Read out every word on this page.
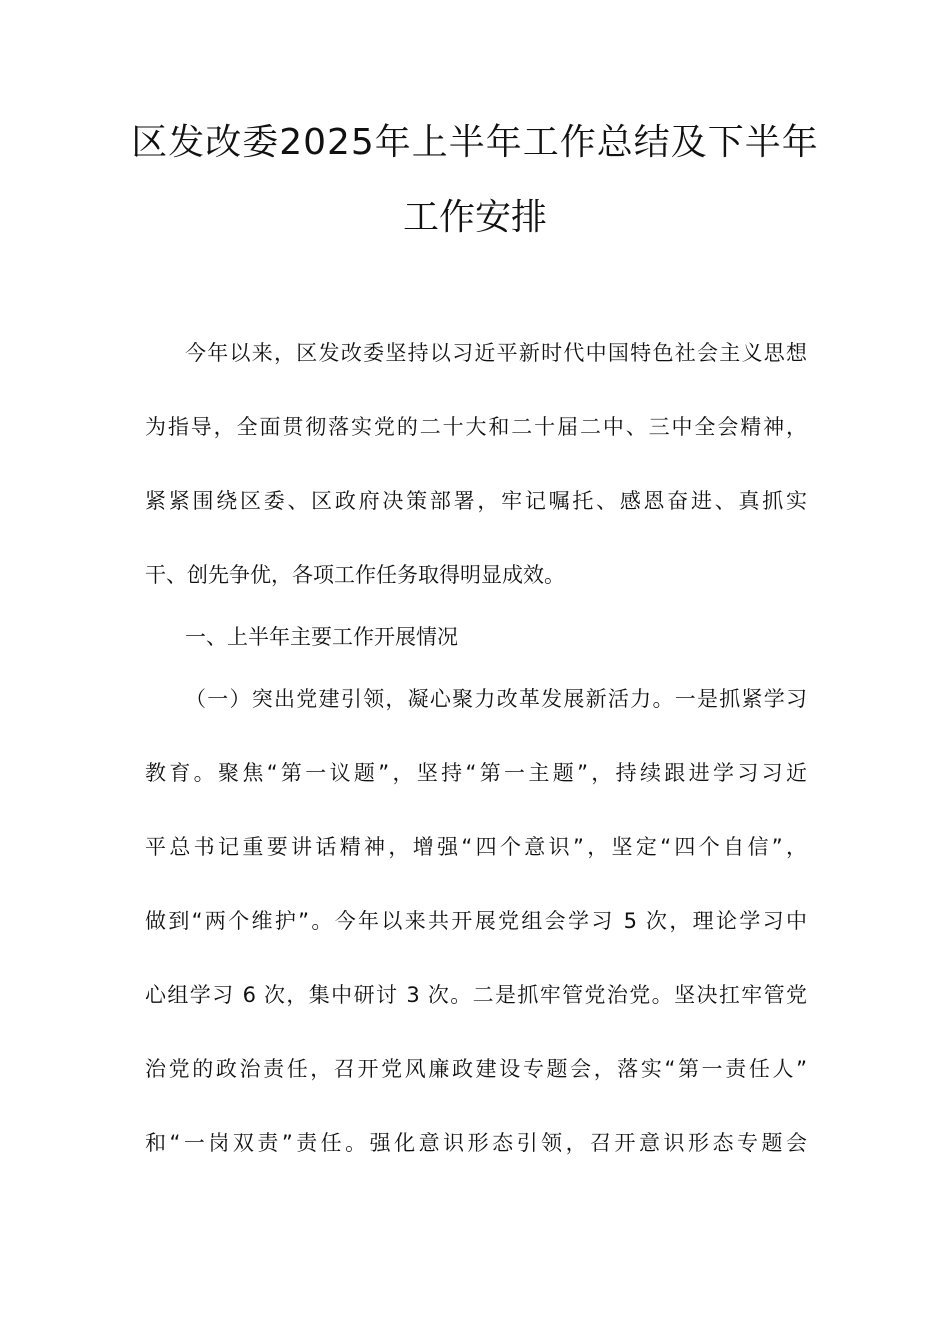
区发改委2025年上半年工作总结及下半年
工作安排
今年以来，区发改委坚持以习近平新时代中国特色社会主义思想
为指导，全面贯彻落实党的二十大和二十届二中、三中全会精神，
紧紧围绕区委、区政府决策部署，牢记嘱托、感恩奋进、真抓实
干、创先争优，各项工作任务取得明显成效。
一、上半年主要工作开展情况
（一）突出党建引领，凝心聚力改革发展新活力。一是抓紧学习
教育。聚焦“第一议题”，坚持“第一主题”，持续跟进学习习近
平总书记重要讲话精神，增强“四个意识”，坚定“四个自信”，
做到“两个维护”。今年以来共开展党组会学习 5 次，理论学习中
心组学习 6 次，集中研讨 3 次。二是抓牢管党治党。坚决扛牢管党
治党的政治责任，召开党风廉政建设专题会，落实“第一责任人”
和“一岗双责”责任。强化意识形态引领，召开意识形态专题会
